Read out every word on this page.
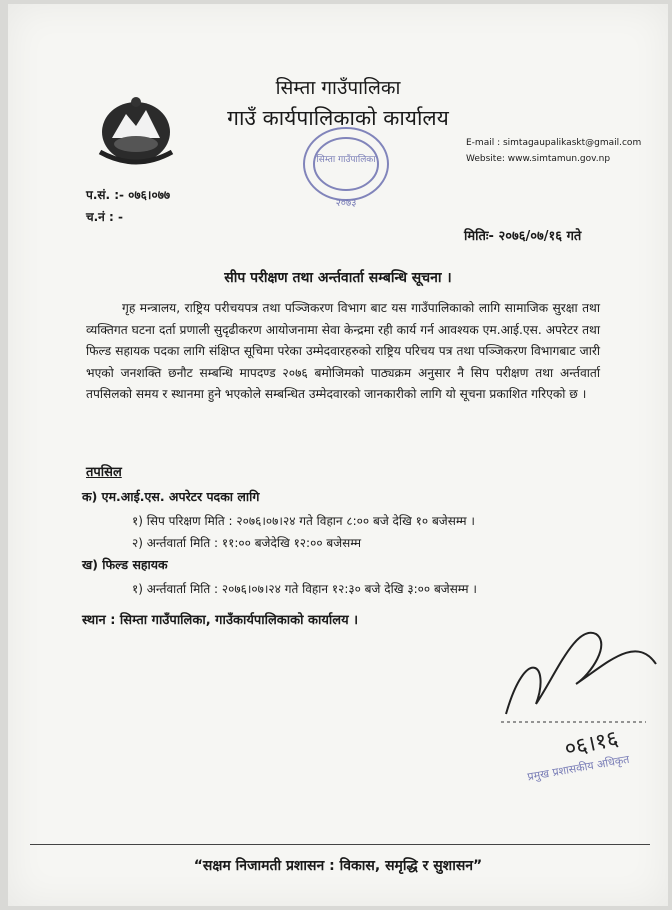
सिम्ता गाउँपालिका
गाउँ कार्यपालिकाको कार्यालय
E-mail : simtagaupalikaskt@gmail.com
Website: www.simtamun.gov.np
सिम्ता गाउँपालिका
२०७३
प.सं. :- ०७६।०७७
च.नं : -
मितिः- २०७६/०७/१६ गते
सीप परीक्षण तथा अर्न्तवार्ता सम्बन्धि सूचना ।
गृह मन्त्रालय, राष्ट्रिय परीचयपत्र तथा पञ्जिकरण विभाग बाट यस गाउँपालिकाको लागि सामाजिक सुरक्षा तथा व्यक्तिगत घटना दर्ता प्रणाली सुदृढीकरण आयोजनामा सेवा केन्द्रमा रही कार्य गर्न आवश्यक एम.आई.एस. अपरेटर तथा फिल्ड सहायक पदका लागि संक्षिप्त सूचिमा परेका उम्मेदवारहरुको राष्ट्रिय परिचय पत्र तथा पञ्जिकरण विभागबाट जारी भएको जनशक्ति छनौट सम्बन्धि मापदण्ड २०७६ बमोजिमको पाठ्यक्रम अनुसार नै सिप परीक्षण तथा अर्न्तवार्ता तपसिलको समय र स्थानमा हुने भएकोले सम्बन्धित उम्मेदवारको जानकारीको लागि यो सूचना प्रकाशित गरिएको छ ।
तपसिल
क) एम.आई.एस. अपरेटर पदका लागि
१) सिप परिक्षण मिति : २०७६।०७।२४ गते विहान ८:०० बजे देखि १० बजेसम्म ।
२) अर्न्तवार्ता मिति : ११:०० बजेदेखि १२:०० बजेसम्म
ख) फिल्ड सहायक
१) अर्न्तवार्ता मिति : २०७६।०७।२४ गते विहान १२:३० बजे देखि ३:०० बजेसम्म ।
स्थान : सिम्ता गाउँपालिका, गाउँकार्यपालिकाको कार्यालय ।
०६।१६
प्रमुख प्रशासकीय अधिकृत
“सक्षम निजामती प्रशासन : विकास, समृद्धि र सुशासन”
